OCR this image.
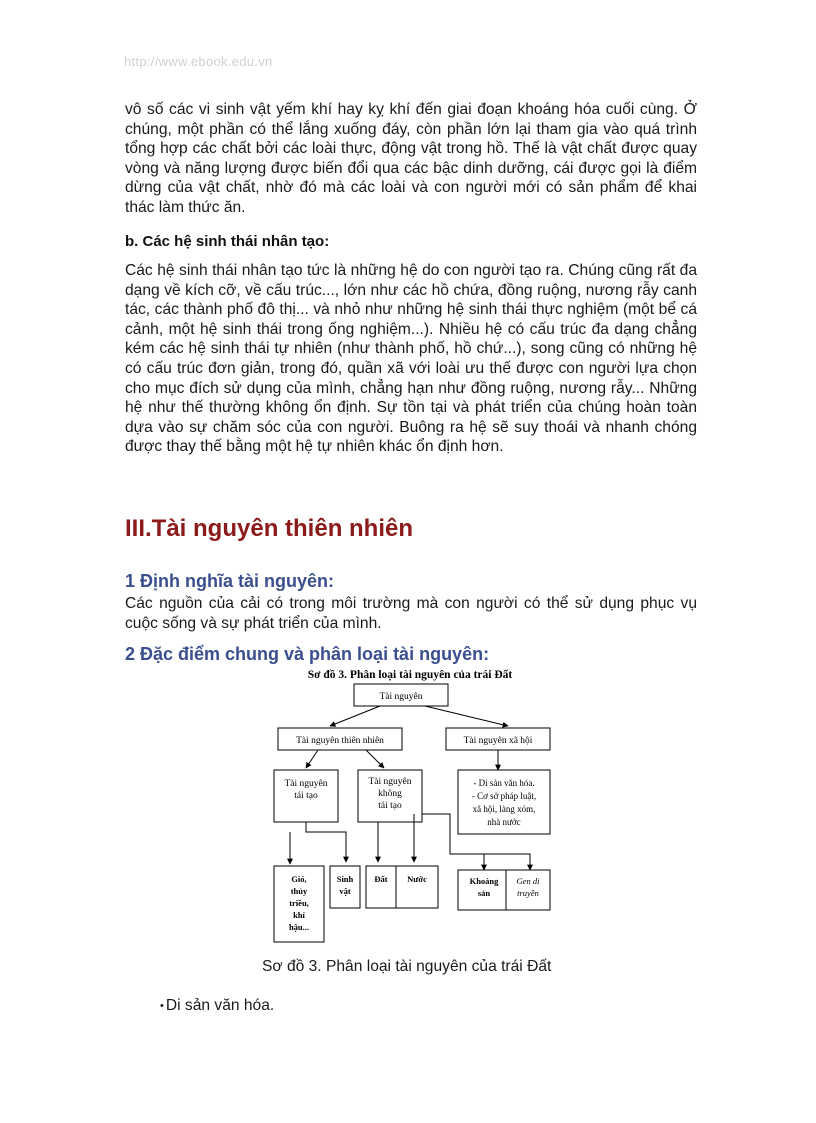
http://www.ebook.edu.vn

vô số các vi sinh vật yếm khí hay kỵ khí đến giai đoạn khoáng hóa cuối cùng. Ở chúng, một phần có thể lắng xuống đáy, còn phần lớn lại tham gia vào quá trình tổng hợp các chất bởi các loài thực, động vật trong hồ. Thế là vật chất được quay vòng và năng lượng được biến đổi qua các bậc dinh dưỡng, cái được gọi là điểm dừng của vật chất, nhờ đó mà các loài và con người mới có sản phẩm để khai thác làm thức ăn.

b. Các hệ sinh thái nhân tạo:

Các hệ sinh thái nhân tạo tức là những hệ do con người tạo ra. Chúng cũng rất đa dạng về kích cỡ, về cấu trúc..., lớn như các hồ chứa, đồng ruộng, nương rẫy canh tác, các thành phố đô thị... và nhỏ như những hệ sinh thái thực nghiệm (một bể cá cảnh, một hệ sinh thái trong ống nghiệm...). Nhiều hệ có cấu trúc đa dạng chẳng kém các hệ sinh thái tự nhiên (như thành phố, hồ chứ...), song cũng có những hệ có cấu trúc đơn giản, trong đó, quần xã với loài ưu thế được con người lựa chọn cho mục đích sử dụng của mình, chẳng hạn như đồng ruộng, nương rẫy... Những hệ như thế thường không ổn định. Sự tồn tại và phát triển của chúng hoàn toàn dựa vào sự chăm sóc của con người. Buông ra hệ sẽ suy thoái và nhanh chóng được thay thế bằng một hệ tự nhiên khác ổn định hơn.

III.Tài nguyên thiên nhiên
1 Định nghĩa tài nguyên:

Các nguồn của cải có trong môi trường mà con người có thể sử dụng phục vụ cuộc sống và sự phát triển của mình.

2 Đặc điểm chung và phân loại tài nguyên:
Sơ đồ 3. Phân loại tài nguyên của trái Đất
Tài nguyên
Tài nguyên thiên nhiên	Tài nguyên xã hội
Tài nguyên
tái tạo
Tài nguyên
không
tái tạo
- Di sản văn hóa.
- Cơ sở pháp luật,
xã hội, làng xóm,
nhà nước
Gió,
thủy
triều,
khí
hậu...
Sinh
vật
Đất Nước	Khoáng
sản
Gen di
truyền
Sơ đồ 3. Phân loại tài nguyên của trái Đất
• Di sản văn hóa.
